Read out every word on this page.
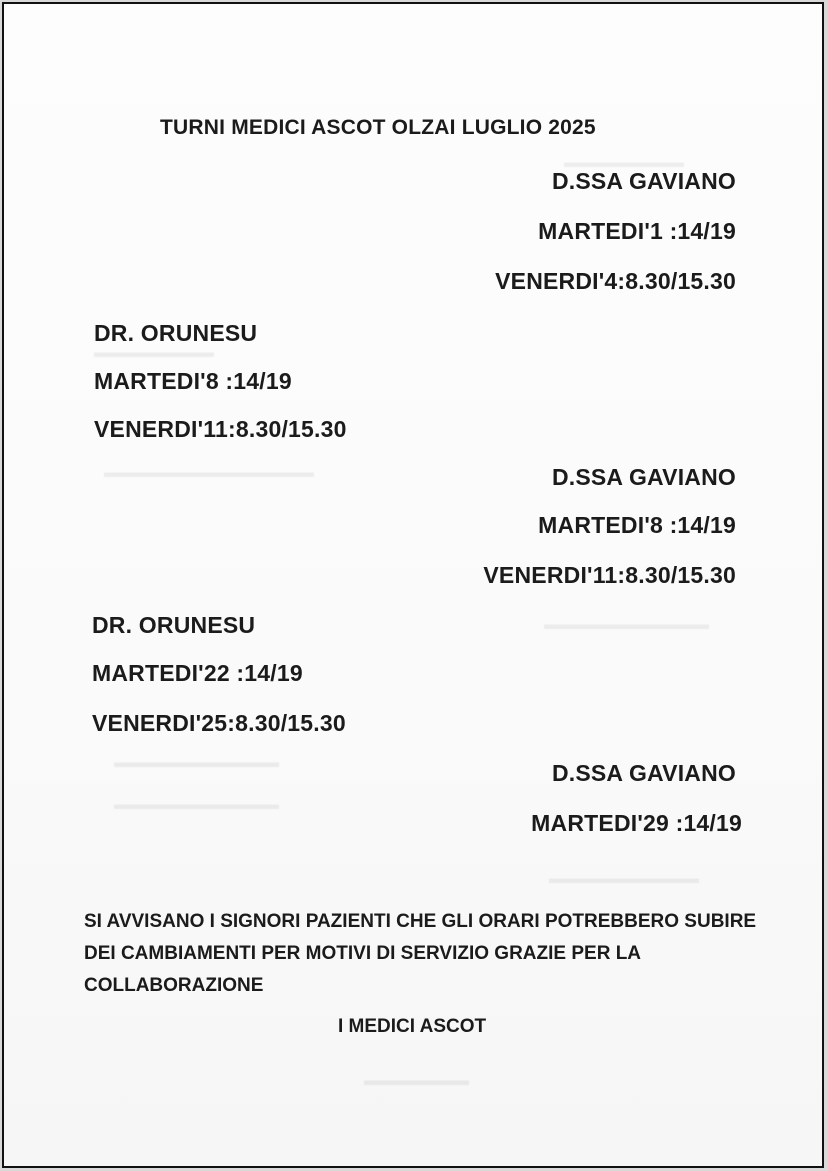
▬▬▬▬▬▬▬▬
▬▬▬▬▬▬▬▬
▬▬▬▬▬▬▬▬▬▬▬▬▬▬
▬▬▬▬▬▬▬▬▬▬▬
▬▬▬▬▬▬▬▬▬▬▬
▬▬▬▬▬▬▬▬▬▬▬
▬▬▬▬▬▬▬▬▬▬
▬▬▬▬▬▬▬
TURNI MEDICI ASCOT OLZAI LUGLIO 2025

D.SSA GAVIANO

MARTEDI'1 :14/19

VENERDI'4:8.30/15.30

DR. ORUNESU

MARTEDI'8 :14/19

VENERDI'11:8.30/15.30

D.SSA GAVIANO

MARTEDI'8 :14/19

VENERDI'11:8.30/15.30

DR. ORUNESU

MARTEDI'22 :14/19

VENERDI'25:8.30/15.30

D.SSA GAVIANO

MARTEDI'29 :14/19

SI AVVISANO I SIGNORI PAZIENTI CHE GLI ORARI POTREBBERO SUBIRE DEI CAMBIAMENTI PER MOTIVI DI SERVIZIO GRAZIE PER LA COLLABORAZIONE

I MEDICI ASCOT
